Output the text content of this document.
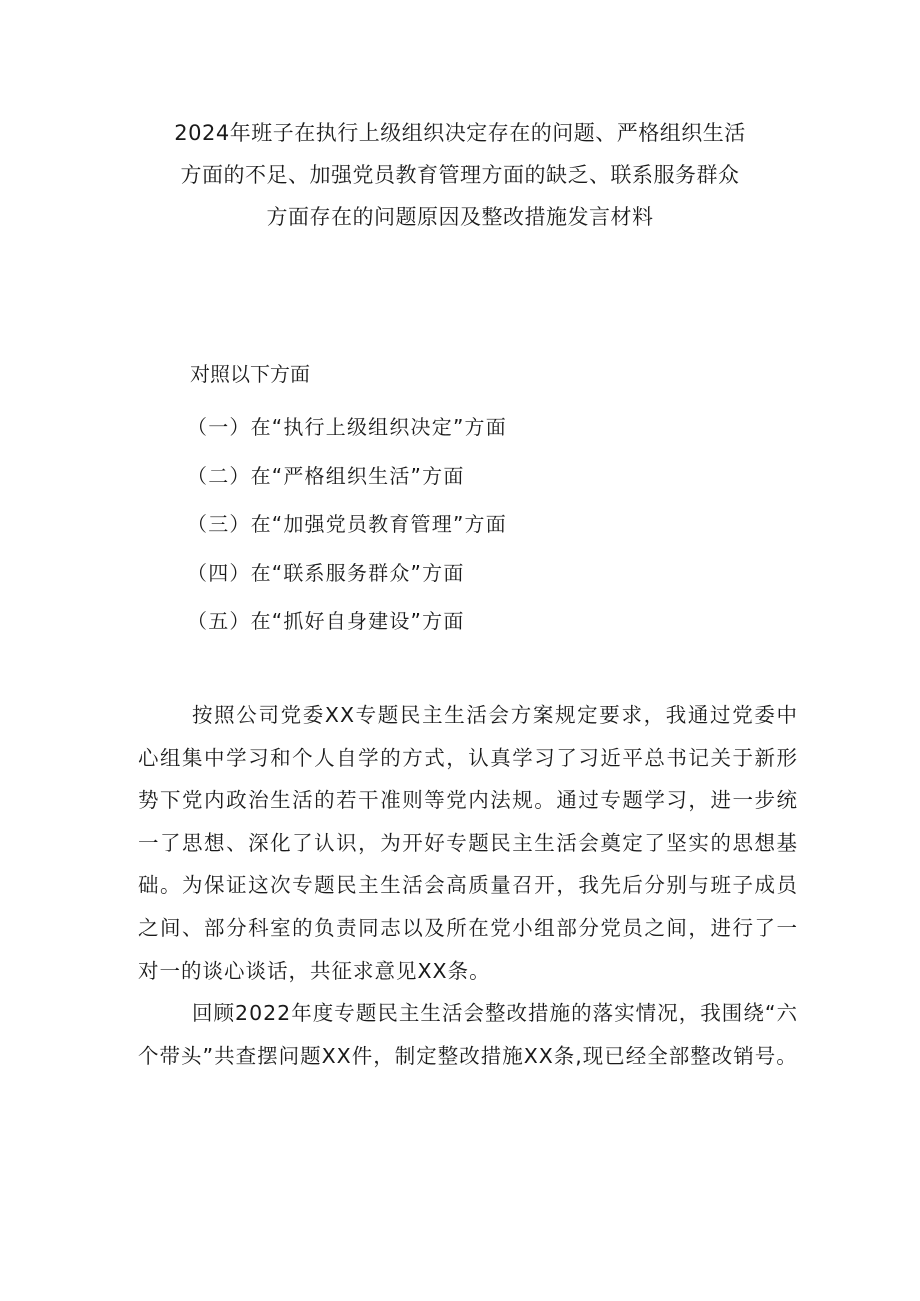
2024年班子在执行上级组织决定存在的问题、严格组织生活
方面的不足、加强党员教育管理方面的缺乏、联系服务群众
方面存在的问题原因及整改措施发言材料
对照以下方面
（一）在“执行上级组织决定”方面
（二）在“严格组织生活”方面
（三）在“加强党员教育管理”方面
（四）在“联系服务群众”方面
（五）在“抓好自身建设”方面

按照公司党委XX专题民主生活会方案规定要求，我通过党委中心组集中学习和个人自学的方式，认真学习了习近平总书记关于新形势下党内政治生活的若干准则等党内法规。通过专题学习，进一步统一了思想、深化了认识，为开好专题民主生活会奠定了坚实的思想基础。为保证这次专题民主生活会高质量召开，我先后分别与班子成员之间、部分科室的负责同志以及所在党小组部分党员之间，进行了一对一的谈心谈话，共征求意见XX条。

回顾2022年度专题民主生活会整改措施的落实情况，我围绕“六个带头”共查摆问题XX件，制定整改措施XX条,现已经全部整改销号。
